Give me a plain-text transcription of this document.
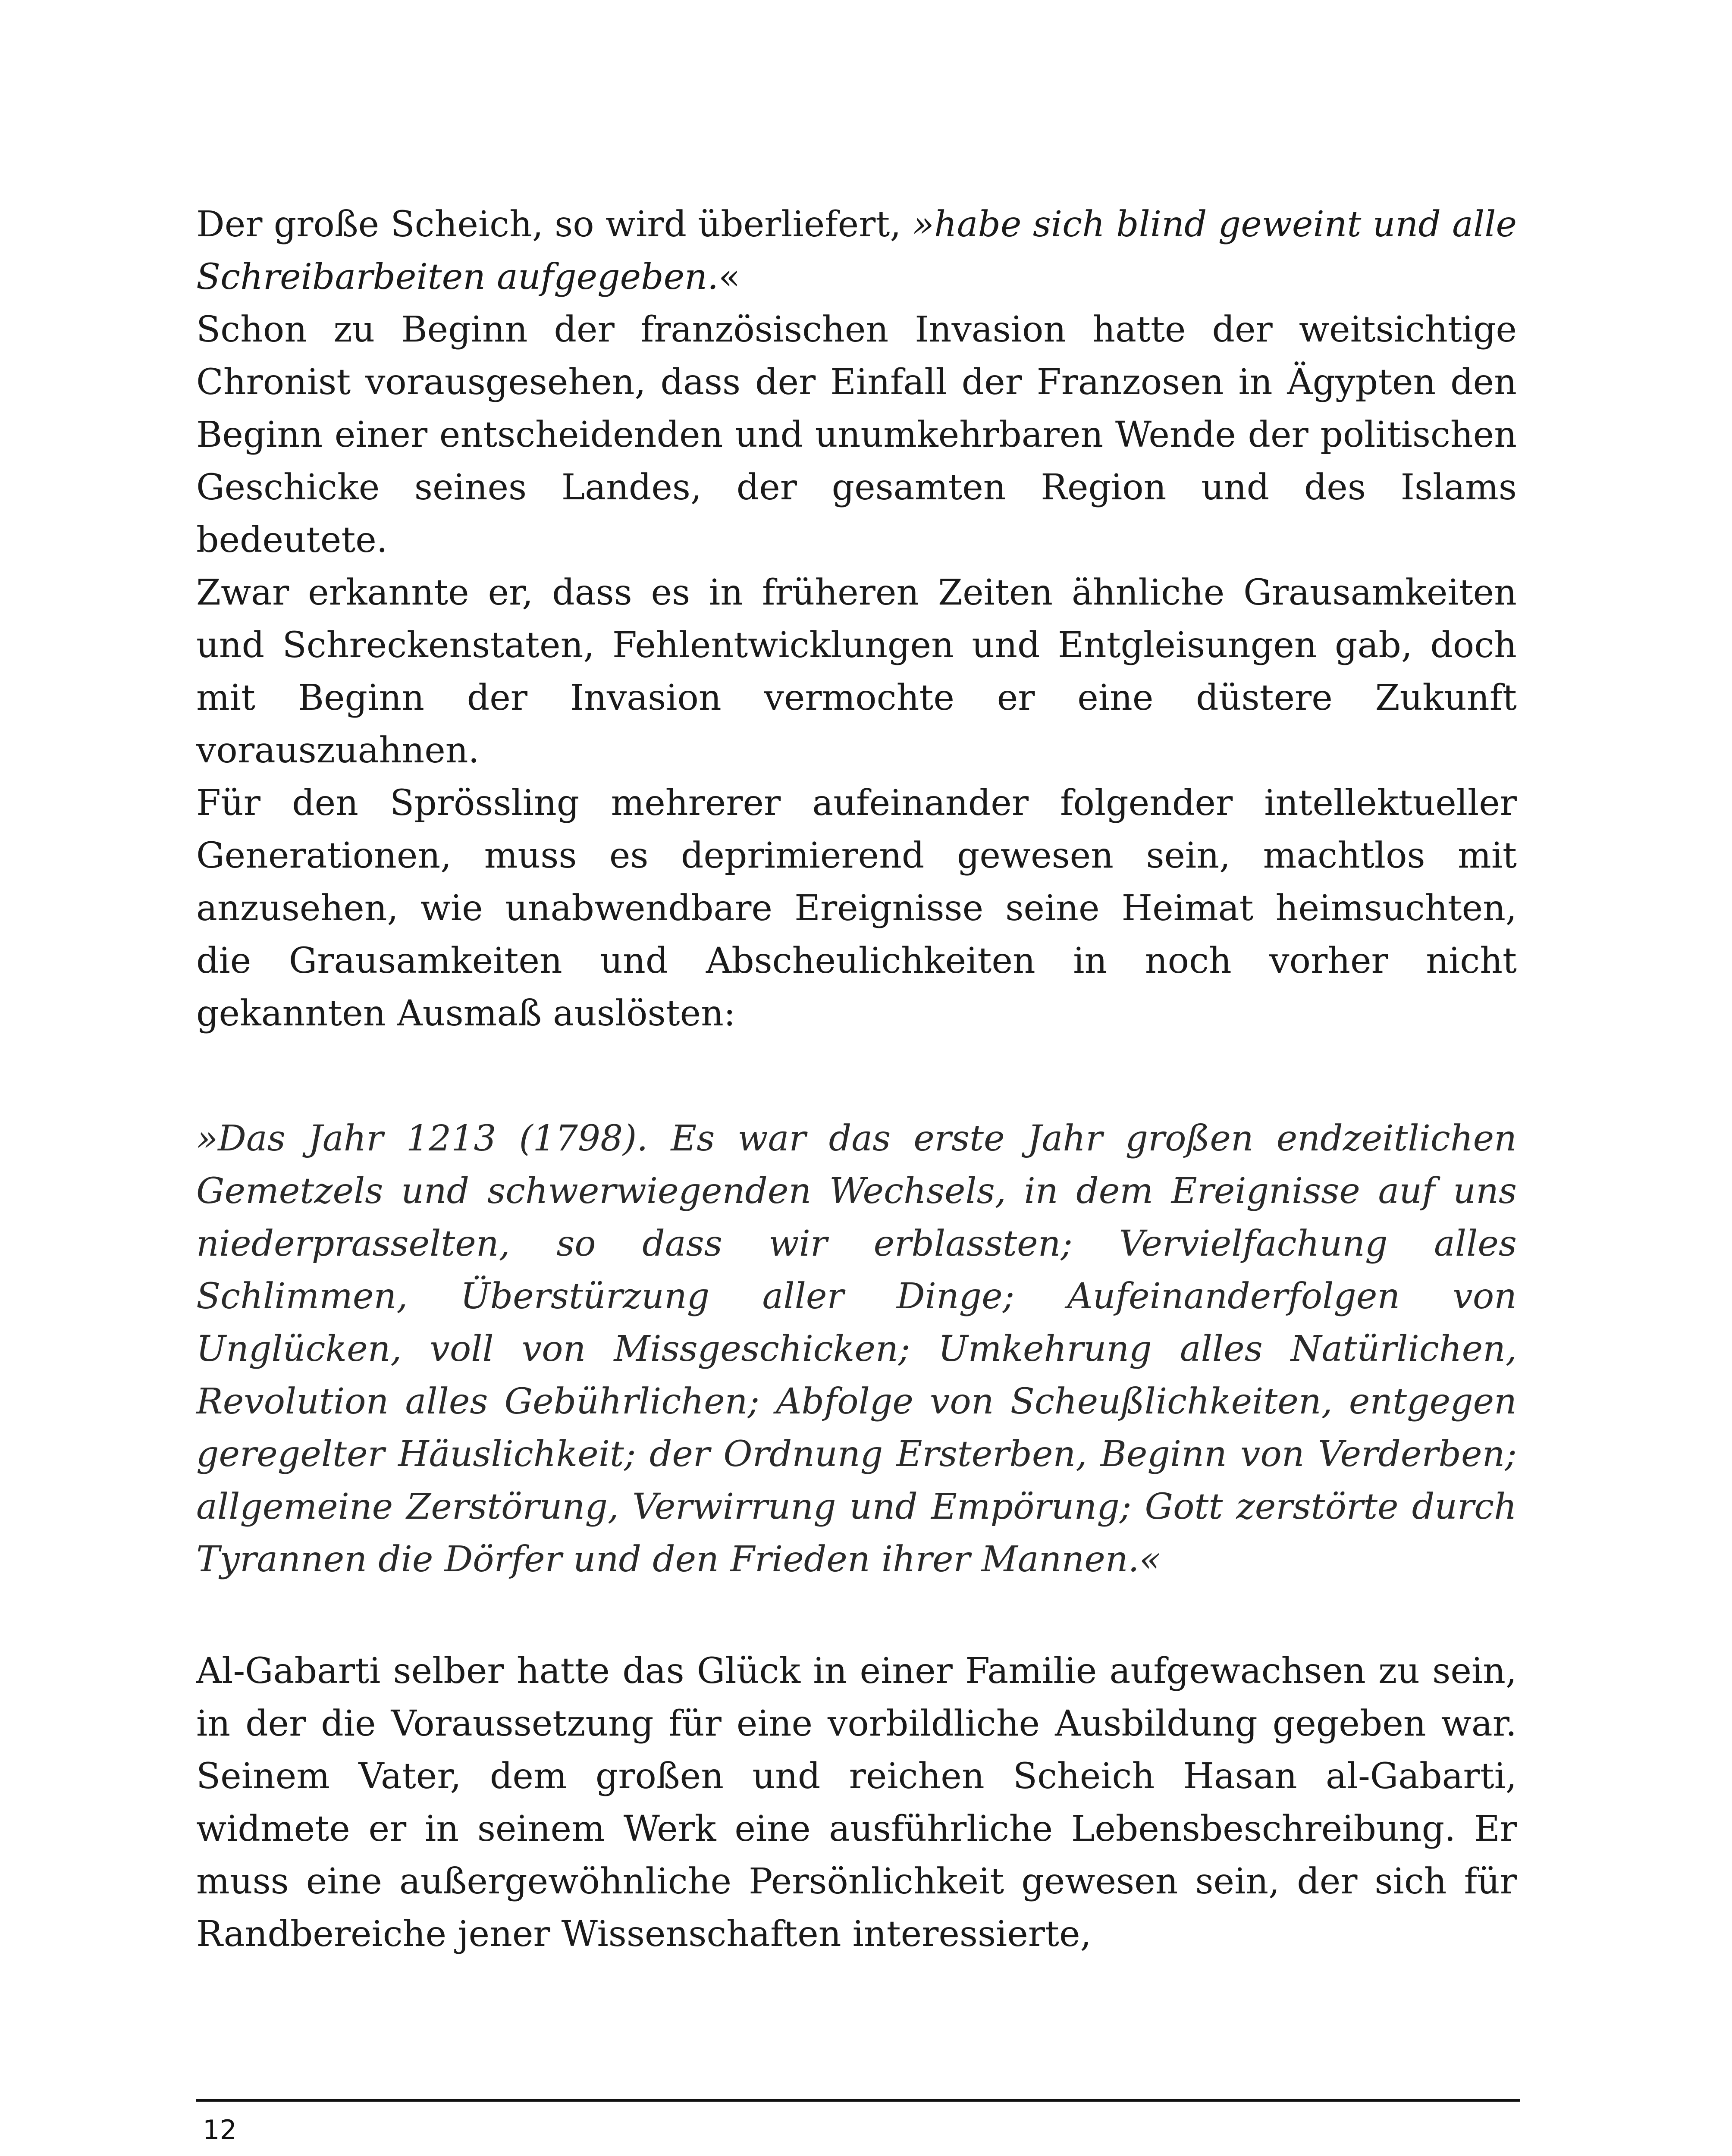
Der große Scheich, so wird überliefert, »habe sich blind geweint und alle Schreibarbeiten aufgegeben.«

Schon zu Beginn der französischen Invasion hatte der weitsichtige Chronist vorausgesehen, dass der Einfall der Franzosen in Ägypten den Beginn einer entscheidenden und unumkehrbaren Wende der politischen Geschicke seines Landes, der gesamten Region und des Islams bedeutete.

Zwar erkannte er, dass es in früheren Zeiten ähnliche Grausamkeiten und Schreckenstaten, Fehlentwicklungen und Entgleisungen gab, doch mit Beginn der Invasion vermochte er eine düstere Zukunft vorauszuahnen.

Für den Sprössling mehrerer aufeinander folgender intellektueller Generationen, muss es deprimierend gewesen sein, machtlos mit anzusehen, wie unabwendbare Ereignisse seine Heimat heimsuchten, die Grausamkeiten und Abscheulichkeiten in noch vorher nicht gekannten Ausmaß auslösten:

»Das Jahr 1213 (1798). Es war das erste Jahr großen endzeitlichen Gemetzels und schwerwiegenden Wechsels, in dem Ereignisse auf uns niederprasselten, so dass wir erblassten; Vervielfachung alles Schlimmen, Überstürzung aller Dinge; Aufeinanderfolgen von Unglücken, voll von Missgeschicken; Umkehrung alles Natürlichen, Revolution alles Gebührlichen; Abfolge von Scheußlichkeiten, entgegen geregelter Häuslichkeit; der Ordnung Ersterben, Beginn von Verderben; allgemeine Zerstörung, Verwirrung und Empörung; Gott zerstörte durch Tyrannen die Dörfer und den Frieden ihrer Mannen.«

Al-Gabarti selber hatte das Glück in einer Familie aufgewachsen zu sein, in der die Voraussetzung für eine vorbildliche Ausbildung gegeben war. Seinem Vater, dem großen und reichen Scheich Hasan al-Gabarti, widmete er in seinem Werk eine ausführliche Lebensbeschreibung. Er muss eine außergewöhnliche Persönlichkeit gewesen sein, der sich für Randbereiche jener Wissenschaften interessierte,

12
